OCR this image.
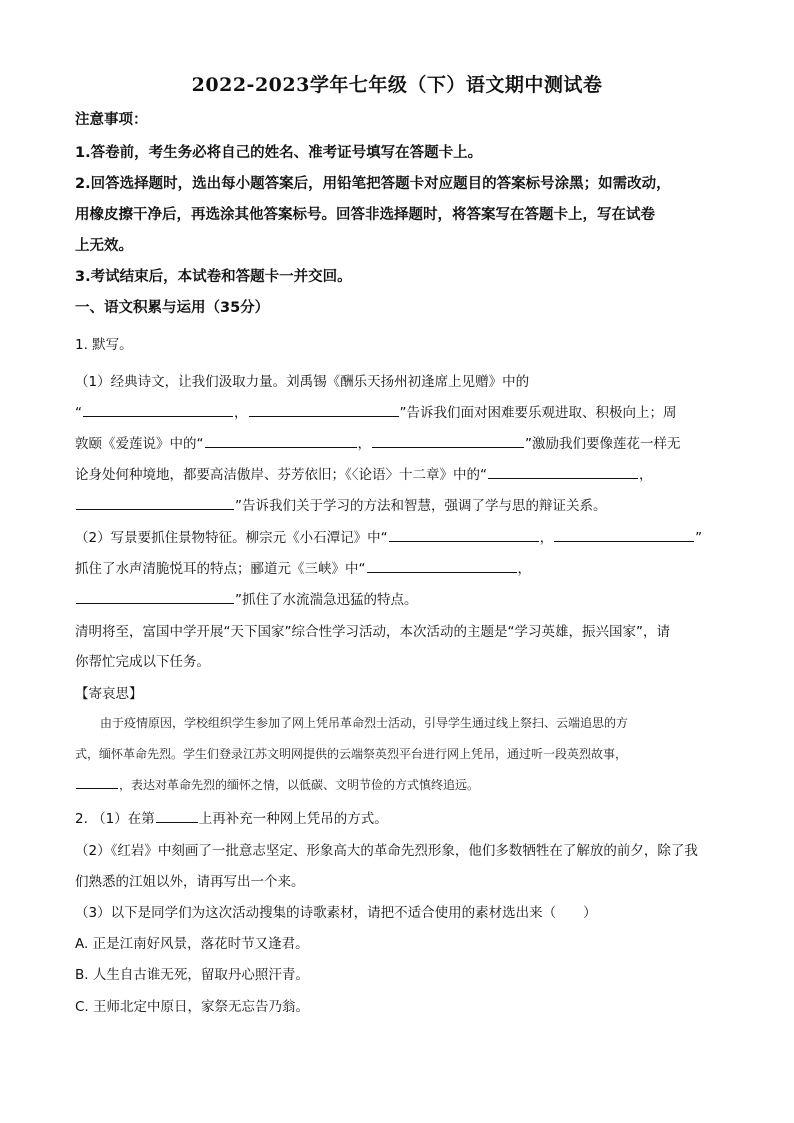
2022-2023学年七年级（下）语文期中测试卷
注意事项：
1.答卷前，考生务必将自己的姓名、准考证号填写在答题卡上。
2.回答选择题时，选出每小题答案后，用铅笔把答题卡对应题目的答案标号涂黑；如需改动，
用橡皮擦干净后，再选涂其他答案标号。回答非选择题时，将答案写在答题卡上，写在试卷
上无效。
3.考试结束后，本试卷和答题卡一并交回。
一、语文积累与运用（35分）
1. 默写。
（1）经典诗文，让我们汲取力量。刘禹锡《酬乐天扬州初逢席上见赠》中的
“	，	”告诉我们面对困难要乐观进取、积极向上；周
敦颐《爱莲说》中的“	，	”激励我们要像莲花一样无
论身处何种境地，都要高洁傲岸、芬芳依旧；《〈论语〉十二章》中的“	，
”告诉我们关于学习的方法和智慧，强调了学与思的辩证关系。
（2）写景要抓住景物特征。柳宗元《小石潭记》中“	，	”
抓住了水声清脆悦耳的特点；郦道元《三峡》中“	，
”抓住了水流湍急迅猛的特点。
清明将至，富国中学开展“天下国家”综合性学习活动，本次活动的主题是“学习英雄，振兴国家”，请
你帮忙完成以下任务。
【寄哀思】
由于疫情原因，学校组织学生参加了网上凭吊革命烈士活动，引导学生通过线上祭扫、云端追思的方
式，缅怀革命先烈。学生们登录江苏文明网提供的云端祭英烈平台进行网上凭吊，通过听一段英烈故事，
，表达对革命先烈的缅怀之情，以低碳、文明节俭的方式慎终追远。
2. （1）在第	上再补充一种网上凭吊的方式。
（2）《红岩》中刻画了一批意志坚定、形象高大的革命先烈形象，他们多数牺牲在了解放的前夕，除了我
们熟悉的江姐以外，请再写出一个来。
（3）以下是同学们为这次活动搜集的诗歌素材，请把不适合使用的素材选出来（　　）
A. 正是江南好风景，落花时节又逢君。
B. 人生自古谁无死，留取丹心照汗青。
C. 王师北定中原日，家祭无忘告乃翁。
